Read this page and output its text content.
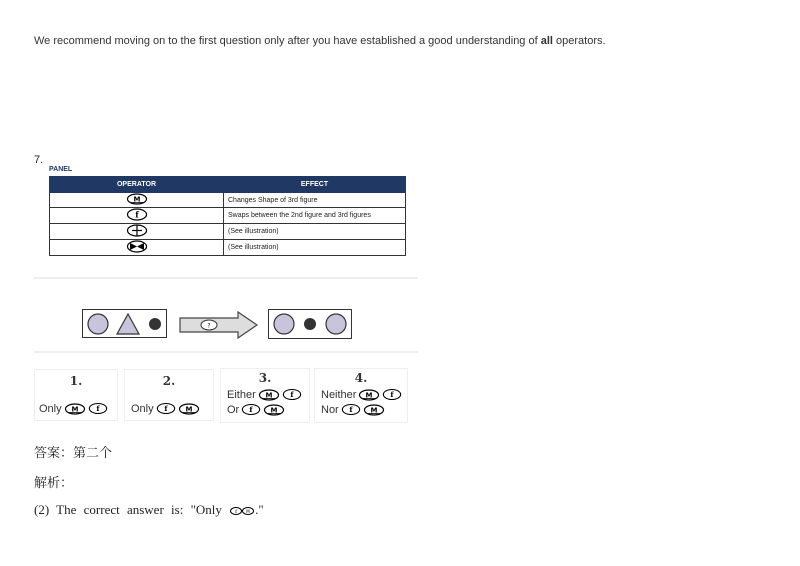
We recommend moving on to the first question only after you have established a good understanding of all operators.
7.
PANEL
OPERATOR	EFFECT

M	Changes Shape of 3rd figure

f	Swaps between the 2nd figure and 3rd figures
	(See illustration)
	(See illustration)
?
1.
Only M f
2.
Only f	M
3.
Either M f
Or f	M
4.
Neither M f
Nor f	M
答案：第二个
解析：
(2) The correct answer is: "Only f M ."
